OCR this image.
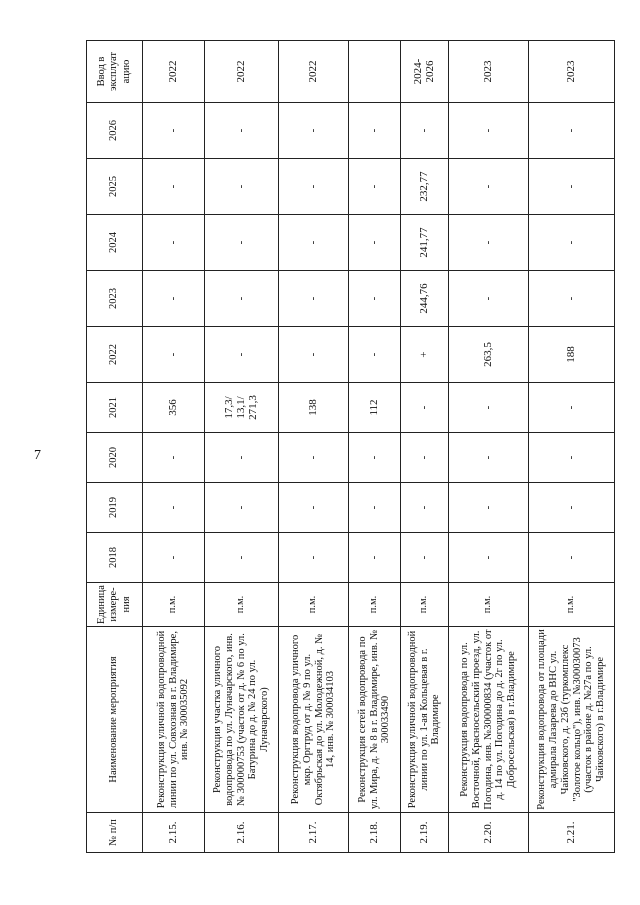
7
№ п/п	Наименование мероприятия	Единица измере-ния	2018	2019	2020	2021	2022	2023	2024	2025	2026	Ввод в эксплуат ацию
2.15.	Реконструкция уличной водопроводной линии по ул. Совхозная в г. Владимире, инв. № 300035092	п.м.	-	-	-	356	-	-	-	-	-	2022
2.16.	Реконструкция участка уличного водопровода по ул. Луначарского, инв. № 300000753 (участок от д. № 6 по ул. Батурина до д. № 24 по ул. Луначарского)	п.м.	-	-	-	17,3/ 13,1/ 271,3	-	-	-	-	-	2022
2.17.	Реконструкция водопровода уличного мкр. Оргтруд от д. № 9 по ул. Октябрьская до ул. Молодежной, д. № 14, инв. № 300034103	п.м.	-	-	-	138	-	-	-	-	-	2022
2.18.	Реконструкция сетей водопровода по ул. Мира, д. № 8 в г. Владимире, инв. № 300033490	п.м.	-	-	-	112	-	-	-	-	-	
2.19.	Реконструкция уличной водопроводной линии по ул. 1-ая Кольцевая в г. Владимире	п.м.	-	-	-	-	+	244,76	241,77	232,77	-	2024-2026
2.20.	Реконструкция водопровода по ул. Восточной, Красносельский проезд, ул. Погодина, инв. №300000834 (участок от д. 14 по ул. Погодина до д. 2г по ул. Добросельская) в г.Владимире	п.м.	-	-	-	-	263,5	-	-	-	-	2023
2.21.	Реконструкция водопровода от площади адмирала Лазарева до ВНС ул. Чайковского, д. 23б (туркомплекс "Золотое кольцо"), инв. №300030073 (участок в районе д. №27а по ул. Чайковского) в г.Владимире	п.м.	-	-	-	-	188	-	-	-	-	2023
